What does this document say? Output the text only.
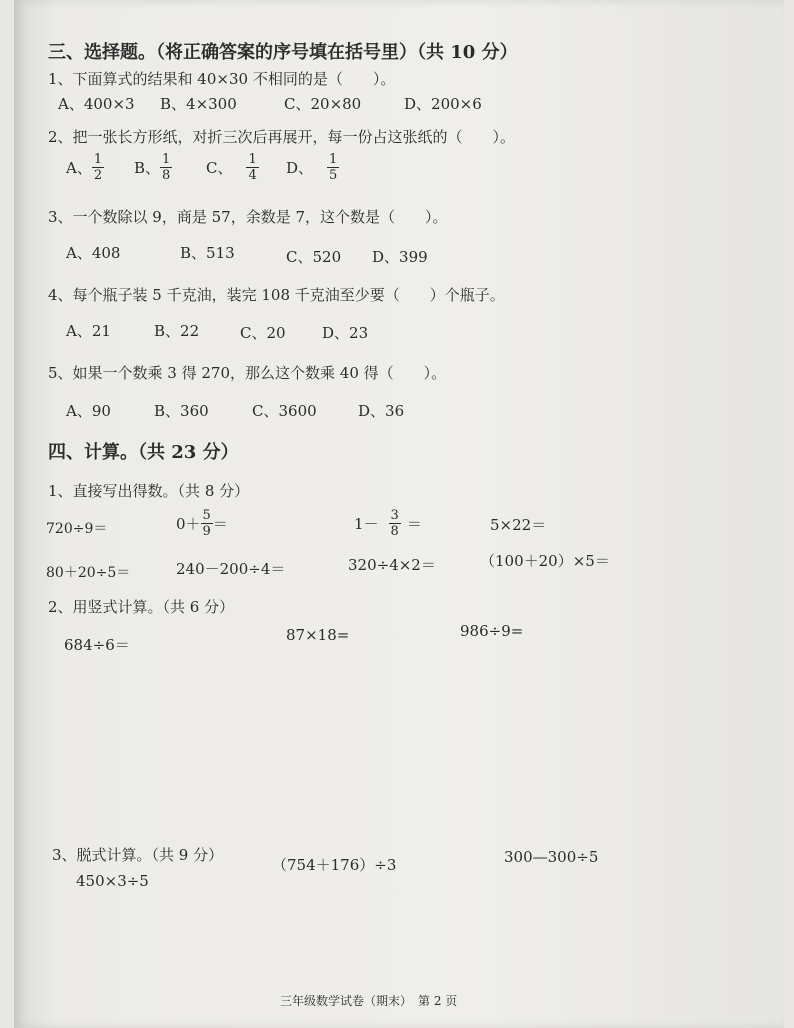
三、选择题。（将正确答案的序号填在括号里）（共 10 分）
1、下面算式的结果和 40×30 不相同的是（　　）。
A、400×3 B、4×300	C、20×80	D、200×6
2、把一张长方形纸，对折三次后再展开，每一份占这张纸的（　　）。
A、 $\frac{1}{2}$ B、 $\frac{1}{8}$ C、 $\frac{1}{4}$ D、 $\frac{1}{5}$
3、一个数除以 9，商是 57，余数是 7，这个数是（　　）。
A、408	B、513	C、520 D、399
4、每个瓶子装 5 千克油，装完 108 千克油至少要（　　）个瓶子。
A、21	B、22	C、20 D、23
5、如果一个数乘 3 得 270，那么这个数乘 40 得（　　）。
A、90	B、360	C、3600	D、36
四、计算。（共 23 分）
1、直接写出得数。（共 8 分）
720÷9＝	$0+ \frac{5}{9}$ ＝	$1- \frac{3}{8}$ ＝	5×22＝
80＋20÷5＝	240－200÷4＝	320÷4×2＝	（100＋20）×5＝
2、用竖式计算。（共 6 分）
684÷6＝
87×18=	986÷9=
3、脱式计算。（共 9 分）
450×3÷5
（754＋176）÷3	300—300÷5
三年级数学试卷（期末）　第 2 页
